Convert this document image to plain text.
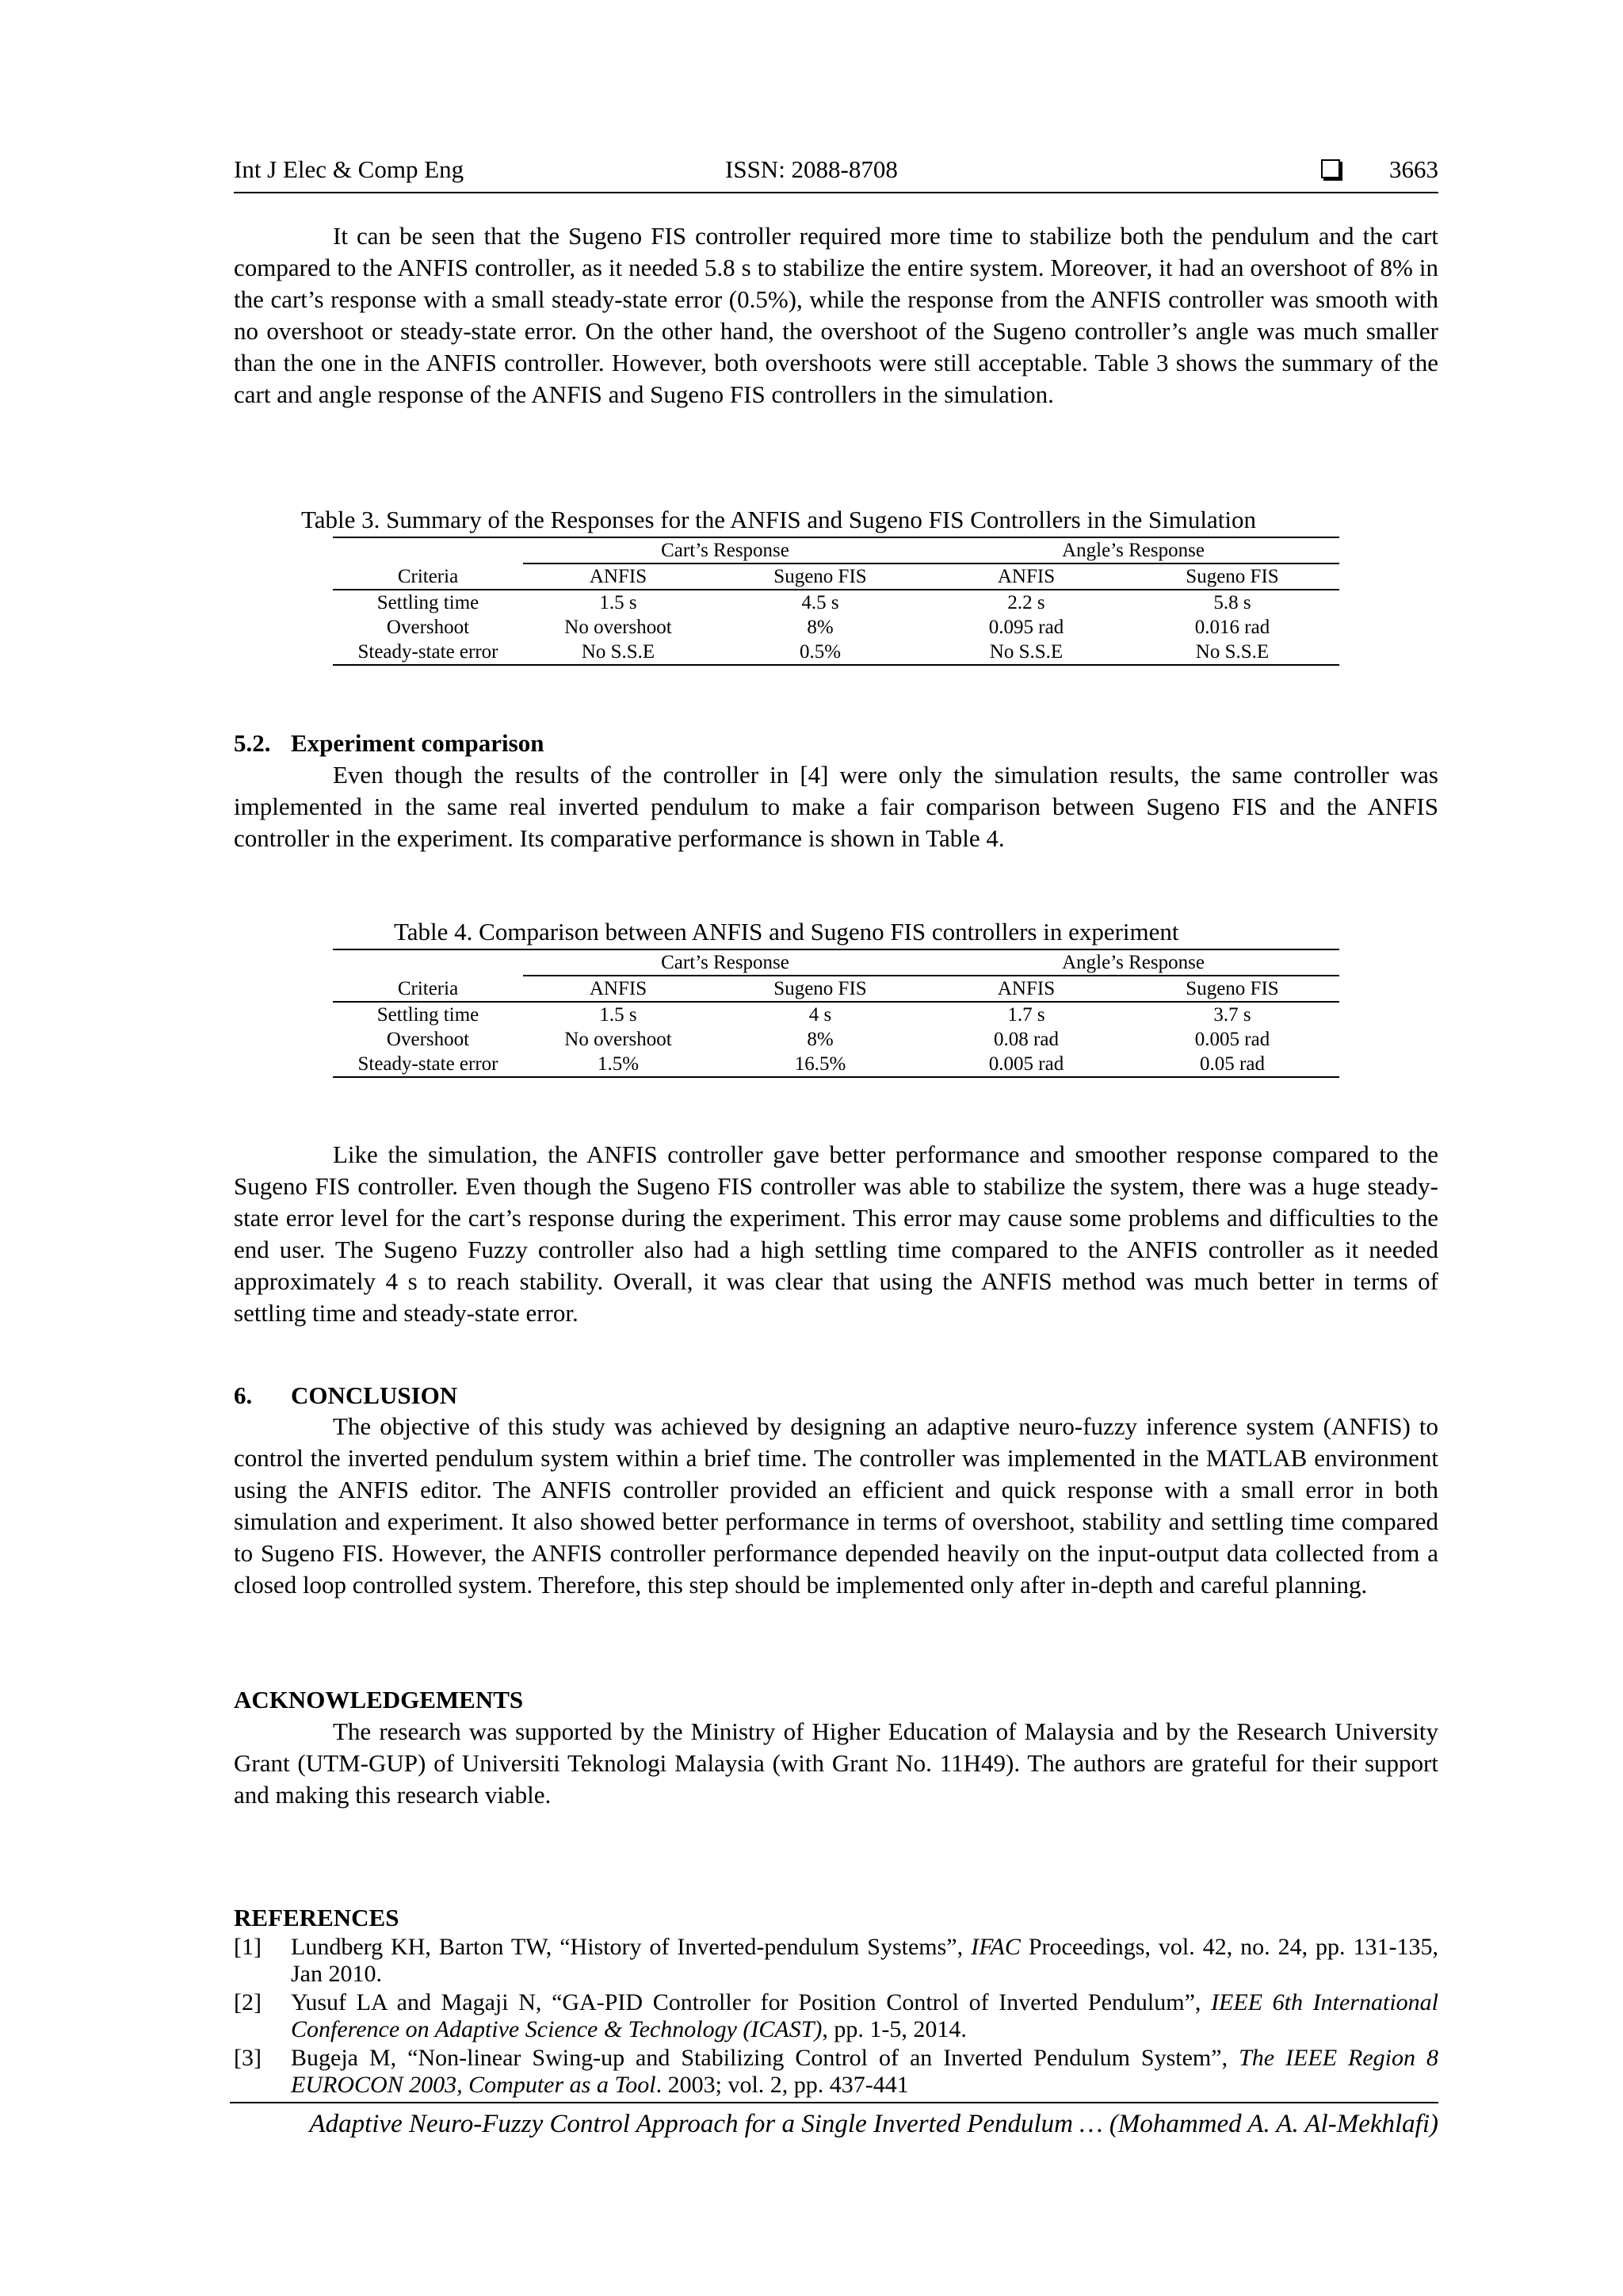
Int J Elec & Comp Eng	ISSN: 2088-8708	3663

It can be seen that the Sugeno FIS controller required more time to stabilize both the pendulum and the cart compared to the ANFIS controller, as it needed 5.8 s to stabilize the entire system. Moreover, it had an overshoot of 8% in the cart’s response with a small steady-state error (0.5%), while the response from the ANFIS controller was smooth with no overshoot or steady-state error. On the other hand, the overshoot of the Sugeno controller’s angle was much smaller than the one in the ANFIS controller. However, both overshoots were still acceptable. Table 3 shows the summary of the cart and angle response of the ANFIS and Sugeno FIS controllers in the simulation.

Table 3. Summary of the Responses for the ANFIS and Sugeno FIS Controllers in the Simulation
	Cart’s Response		Angle’s Response	
Criteria	ANFIS	Sugeno FIS	ANFIS	Sugeno FIS
Settling time	1.5 s	4.5 s	2.2 s	5.8 s
Overshoot	No overshoot	8%	0.095 rad	0.016 rad
Steady-state error	No S.S.E	0.5%	No S.S.E	No S.S.E
5.2. Experiment comparison

Even though the results of the controller in [4] were only the simulation results, the same controller was implemented in the same real inverted pendulum to make a fair comparison between Sugeno FIS and the ANFIS controller in the experiment. Its comparative performance is shown in Table 4.

Table 4. Comparison between ANFIS and Sugeno FIS controllers in experiment
	Cart’s Response		Angle’s Response	
Criteria	ANFIS	Sugeno FIS	ANFIS	Sugeno FIS
Settling time	1.5 s	4 s	1.7 s	3.7 s
Overshoot	No overshoot	8%	0.08 rad	0.005 rad
Steady-state error	1.5%	16.5%	0.005 rad	0.05 rad

Like the simulation, the ANFIS controller gave better performance and smoother response compared to the Sugeno FIS controller. Even though the Sugeno FIS controller was able to stabilize the system, there was a huge steady-state error level for the cart’s response during the experiment. This error may cause some problems and difficulties to the end user. The Sugeno Fuzzy controller also had a high settling time compared to the ANFIS controller as it needed approximately 4 s to reach stability. Overall, it was clear that using the ANFIS method was much better in terms of settling time and steady-state error.

6. CONCLUSION

The objective of this study was achieved by designing an adaptive neuro-fuzzy inference system (ANFIS) to control the inverted pendulum system within a brief time. The controller was implemented in the MATLAB environment using the ANFIS editor. The ANFIS controller provided an efficient and quick response with a small error in both simulation and experiment. It also showed better performance in terms of overshoot, stability and settling time compared to Sugeno FIS. However, the ANFIS controller performance depended heavily on the input-output data collected from a closed loop controlled system. Therefore, this step should be implemented only after in-depth and careful planning.

ACKNOWLEDGEMENTS

The research was supported by the Ministry of Higher Education of Malaysia and by the Research University Grant (UTM-GUP) of Universiti Teknologi Malaysia (with Grant No. 11H49). The authors are grateful for their support and making this research viable.

REFERENCES
[1] Lundberg KH, Barton TW, “History of Inverted-pendulum Systems”, IFAC Proceedings, vol. 42, no. 24, pp. 131-135, Jan 2010.
[2] Yusuf LA and Magaji N, “GA-PID Controller for Position Control of Inverted Pendulum”, IEEE 6th International Conference on Adaptive Science & Technology (ICAST), pp. 1-5, 2014.
[3] Bugeja M, “Non-linear Swing-up and Stabilizing Control of an Inverted Pendulum System”, The IEEE Region 8 EUROCON 2003, Computer as a Tool. 2003; vol. 2, pp. 437-441
Adaptive Neuro-Fuzzy Control Approach for a Single Inverted Pendulum … (Mohammed A. A. Al-Mekhlafi)
